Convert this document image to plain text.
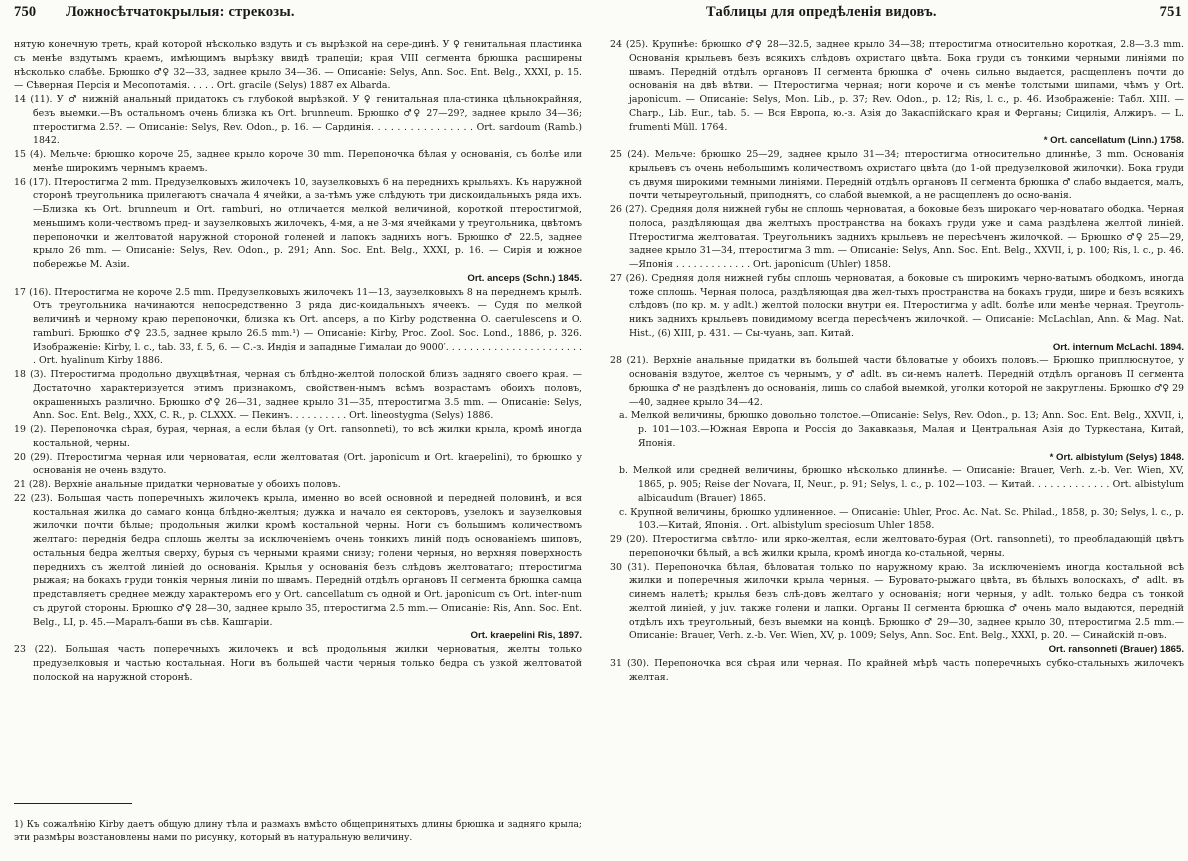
750 Ложносѣтчатокрылыя: стрекозы.

нятую конечную треть, край которой нѣсколько вздуть и съ вырѣзкой на сере-динѣ. У ♀ генитальная пластинка съ менѣе вздутымъ краемъ, имѣющимъ вырѣзку ввидѣ трапеціи; края VIII сегмента брюшка расширены нѣсколько слабѣе. Брюшко ♂♀ 32—33, заднее крыло 34—36. — Описаніе: Selys, Ann. Soc. Ent. Belg., XXXI, p. 15. — Сѣверная Персія и Месопотамія. . . . . Ort. gracile (Selys) 1887 ex Albarda.

14 (11). У ♂ нижній анальный придатокъ съ глубокой вырѣзкой. У ♀ генитальная пла-стинка цѣльнокрайняя, безъ выемки.—Въ остальномъ очень близка къ Ort. brunneum. Брюшко ♂♀ 27—29?, заднее крыло 34—36; птеростигма 2.5?. — Описаніе: Selys, Rev. Odon., p. 16. — Сардинія. . . . . . . . . . . . . . . . Ort. sardoum (Ramb.) 1842.

15 (4). Мельче: брюшко короче 25, заднее крыло короче 30 mm. Перепоночка бѣлая у основанія, съ болѣе или менѣе широкимъ чернымъ краемъ.

16 (17). Птеростигма 2 mm. Предузелковыхъ жилочекъ 10, заузелковыхъ 6 на переднихъ крыльяхъ. Къ наружной сторонѣ треугольника прилегаютъ сначала 4 ячейки, а за-тѣмъ уже слѣдують три дискоидальныхъ ряда ихъ.—Близка къ Ort. brunneum и Ort. ramburi, но отличается мелкой величиной, короткой птеростигмой, меньшимъ коли-чествомъ пред- и заузелковыхъ жилочекъ, 4-мя, а не 3-мя ячейками у треугольника, цвѣтомъ перепоночки и желтоватой наружной стороной голеней и лапокъ заднихъ ногъ. Брюшко ♂ 22.5, заднее крыло 26 mm. — Описаніе: Selys, Rev. Odon., p. 291; Ann. Soc. Ent. Belg., XXXI, p. 16. — Сирія и южное побережье М. Азіи.

Ort. anceps (Schn.) 1845.

17 (16). Птеростигма не короче 2.5 mm. Предузелковыхъ жилочекъ 11—13, заузелковыхъ 8 на переднемъ крылѣ. Отъ треугольника начинаются непосредственно 3 ряда дис-коидальныхъ ячеекъ. — Судя по мелкой величинѣ и черному краю перепоночки, близка къ Ort. anceps, а по Kirby родственна O. caerulescens и O. ramburi. Брюшко ♂♀ 23.5, заднее крыло 26.5 mm.¹) — Описаніе: Kirby, Proc. Zool. Soc. Lond., 1886, p. 326. Изображеніе: Kirby, l. c., tab. 33, f. 5, 6. — С.-з. Индія и западные Гималаи до 9000′. . . . . . . . . . . . . . . . . . . . . . . . Ort. hyalinum Kirby 1886.

18 (3). Птеростигма продольно двухцвѣтная, черная съ блѣдно-желтой полоской близъ задняго своего края. — Достаточно характеризуется этимъ признакомъ, свойствен-нымъ всѣмъ возрастамъ обоихъ половъ, окрашенныхъ различно. Брюшко ♂♀ 26—31, заднее крыло 31—35, птеростигма 3.5 mm. — Описаніе: Selys, Ann. Soc. Ent. Belg., XXX, C. R., p. CLXXX. — Пекинъ. . . . . . . . . . Ort. lineostygma (Selys) 1886.

19 (2). Перепоночка сѣрая, бурая, черная, а если бѣлая (у Ort. ransonneti), то всѣ жилки крыла, кромѣ иногда костальной, черны.

20 (29). Птеростигма черная или черноватая, если желтоватая (Ort. japonicum и Ort. kraepelini), то брюшко у основанія не очень вздуто.

21 (28). Верхніе анальные придатки черноватые у обоихъ половъ.

22 (23). Большая часть поперечныхъ жилочекъ крыла, именно во всей основной и передней половинѣ, и вся костальная жилка до самаго конца блѣдно-желтыя; дужка и начало ея секторовъ, узелокъ и заузелковыя жилочки почти бѣлые; продольныя жилки кромѣ костальной черны. Ноги съ большимъ количествомъ желтаго: переднія бедра сплошь желты за исключеніемъ очень тонкихъ линій подъ основаніемъ шиповъ, остальныя бедра желтыя сверху, бурыя съ черными краями снизу; голени черныя, но верхняя поверхность переднихъ съ желтой линіей до основанія. Крылья у основанія безъ слѣдовъ желтоватаго; птеростигма рыжая; на бокахъ груди тонкія черныя линіи по швамъ. Передній отдѣлъ органовъ II сегмента брюшка самца представляетъ среднее между характеромъ его у Ort. cancellatum съ одной и Ort. japonicum съ Ort. inter-num съ другой стороны. Брюшко ♂♀ 28—30, заднее крыло 35, птеростигма 2.5 mm.— Описаніе: Ris, Ann. Soc. Ent. Belg., LI, p. 45.—Маралъ-баши въ сѣв. Кашгаріи.

Ort. kraepelini Ris, 1897.

23 (22). Большая часть поперечныхъ жилочекъ и всѣ продольныя жилки черноватыя, желты только предузелковыя и частью костальная. Ноги въ большей части черныя только бедра съ узкой желтоватой полоской на наружной сторонѣ.

1) Къ сожалѣнію Kirby даетъ общую длину тѣла и размахъ вмѣсто общепринятыхъ длины брюшка и задняго крыла; эти размѣры возстановлены нами по рисунку, который въ натуральную величину.

Таблицы для опредѣленія видовъ.	751

24 (25). Крупнѣе: брюшко ♂♀ 28—32.5, заднее крыло 34—38; птеростигма относительно короткая, 2.8—3.3 mm. Основанія крыльевъ безъ всякихъ слѣдовъ охристаго цвѣта. Бока груди съ тонкими черными линіями по швамъ. Передній отдѣлъ органовъ II сегмента брюшка ♂ очень сильно выдается, расщепленъ почти до основанія на двѣ вѣтви. — Птеростигма черная; ноги короче и съ менѣе толстыми шипами, чѣмъ у Ort. japonicum. — Описаніе: Selys, Mon. Lib., p. 37; Rev. Odon., p. 12; Ris, l. c., p. 46. Изображеніе: Табл. XIII. — Charp., Lib. Eur., tab. 5. — Вся Европа, ю.-з. Азія до Закаспійскаго края и Ферганы; Сицилія, Алжиръ. — L. frumenti Müll. 1764.

* Ort. cancellatum (Linn.) 1758.

25 (24). Мельче: брюшко 25—29, заднее крыло 31—34; птеростигма относительно длиннѣе, 3 mm. Основанія крыльевъ съ очень небольшимъ количествомъ охристаго цвѣта (до 1-ой предузелковой жилочки). Бока груди съ двумя широкими темными линіями. Передній отдѣлъ органовъ II сегмента брюшка ♂ слабо выдается, малъ, почти четыреугольный, приподнятъ, со слабой выемкой, а не расщепленъ до осно-ванія.

26 (27). Средняя доля нижней губы не сплошь черноватая, а боковые безъ широкаго чер-новатаго ободка. Черная полоса, раздѣляющая два желтыхъ пространства на бокахъ груди уже и сама раздѣлена желтой линіей. Птеростигма желтоватая. Треугольникъ заднихъ крыльевъ не пересѣченъ жилочкой. — Брюшко ♂♀ 25—29, заднее крыло 31—34, птеростигма 3 mm. — Описаніе: Selys, Ann. Soc. Ent. Belg., XXVII, i, p. 100; Ris, l. c., p. 46.—Японія . . . . . . . . . . . . . Ort. japonicum (Uhler) 1858.

27 (26). Средняя доля нижней губы сплошь черноватая, а боковые съ широкимъ черно-ватымъ ободкомъ, иногда тоже сплошь. Черная полоса, раздѣляющая два жел-тыхъ пространства на бокахъ груди, шире и безъ всякихъ слѣдовъ (по кр. м. у adlt.) желтой полоски внутри ея. Птеростигма у adlt. болѣе или менѣе черная. Треуголь-никъ заднихъ крыльевъ повидимому всегда пересѣченъ жилочкой. — Описаніе: McLachlan, Ann. & Mag. Nat. Hist., (6) XIII, p. 431. — Сы-чуань, зап. Китай.

Ort. internum McLachl. 1894.

28 (21). Верхніе анальные придатки въ большей части бѣловатые у обоихъ половъ.— Брюшко приплюснутое, у основанія вздутое, желтое съ чернымъ, у ♂ adlt. въ си-немъ налетѣ. Передній отдѣлъ органовъ II сегмента брюшка ♂ не раздѣленъ до основанія, лишь со слабой выемкой, уголки которой не закруглены. Брюшко ♂♀ 29—40, заднее крыло 34—42.

a. Мелкой величины, брюшко довольно толстое.—Описаніе: Selys, Rev. Odon., p. 13; Ann. Soc. Ent. Belg., XXVII, i, p. 101—103.—Южная Европа и Россія до Закавказья, Малая и Центральная Азія до Туркестана, Китай, Японія.

* Ort. albistylum (Selys) 1848.

b. Мелкой или средней величины, брюшко нѣсколько длиннѣе. — Описаніе: Brauer, Verh. z.-b. Ver. Wien, XV, 1865, p. 905; Reise der Novara, II, Neur., p. 91; Selys, l. c., p. 102—103. — Китай. . . . . . . . . . . . . Ort. albistylum albicaudum (Brauer) 1865.

c. Крупной величины, брюшко удлиненное. — Описаніе: Uhler, Proc. Ac. Nat. Sc. Philad., 1858, p. 30; Selys, l. c., p. 103.—Китай, Японія. . Ort. albistylum speciosum Uhler 1858.

29 (20). Птеростигма свѣтло- или ярко-желтая, если желтовато-бурая (Ort. ransonneti), то преобладающій цвѣтъ перепоночки бѣлый, а всѣ жилки крыла, кромѣ иногда ко-стальной, черны.

30 (31). Перепоночка бѣлая, бѣловатая только по наружному краю. За исключеніемъ иногда костальной всѣ жилки и поперечныя жилочки крыла черныя. — Буровато-рыжаго цвѣта, въ бѣлыхъ волоскахъ, ♂ adlt. въ синемъ налетѣ; крылья безъ слѣ-довъ желтаго у основанія; ноги черныя, у adlt. только бедра съ тонкой желтой линіей, у juv. также голени и лапки. Органы II сегмента брюшка ♂ очень мало выдаются, передній отдѣлъ ихъ треугольный, безъ выемки на концѣ. Брюшко ♂ 29—30, заднее крыло 30, птеростигма 2.5 mm.—Описаніе: Brauer, Verh. z.-b. Ver. Wien, XV, p. 1009; Selys, Ann. Soc. Ent. Belg., XXXI, p. 20. — Синайскій п-овъ.

Ort. ransonneti (Brauer) 1865.

31 (30). Перепоночка вся сѣрая или черная. По крайней мѣрѣ часть поперечныхъ субко-стальныхъ жилочекъ желтая.
